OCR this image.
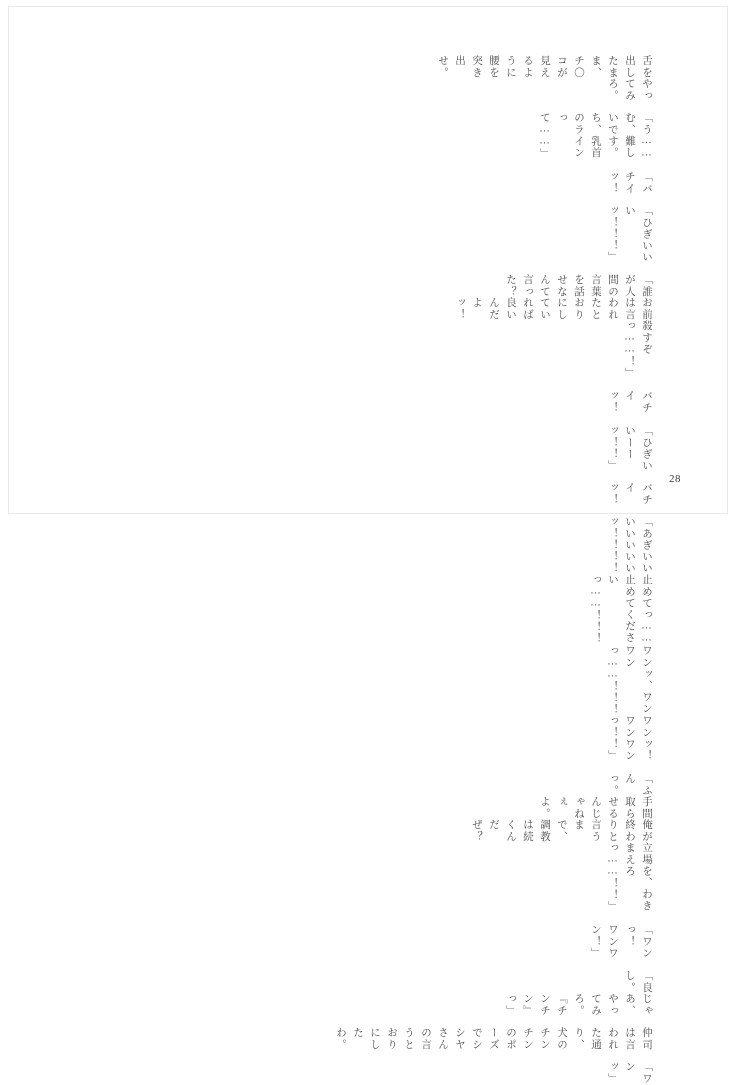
舌を出したまま、チ〇コが見えるように腰を突き出せ。

やってみろ。

「う……む、難しいです。ち、乳首のラインって……」

「バチイッ！

「ひぎいいいッ！！！」

「誰が人間の言葉を話せなんて言った？

お前は言われたとおりにしていれば良いんだよッ！

殺すぞっ……！」

バチイッ！

「ひぎいいーーッ！！」

バチイッ！

「あぎいいいいいいいッ！！！！

止めてっ……止めてくださいっ……！！！

ワンッ、ワンワンっ……！！！

ワンッ！　ワンワンっ！！」

「ふんっ。

手間取らせるんじゃねぇよ。

俺が終わりと言うまで、調教は続くんだぜ？

立場を、わきまえろっ……！！」

「ワンっ！　ワンワン！」

「良し。

じゃあ、やってみろ。『チンチン』っ」

仲司は言われた通り、犬のチンチンのポーズでシシヤさんの言うとおりにしたわ。

「ワンッ」

28
